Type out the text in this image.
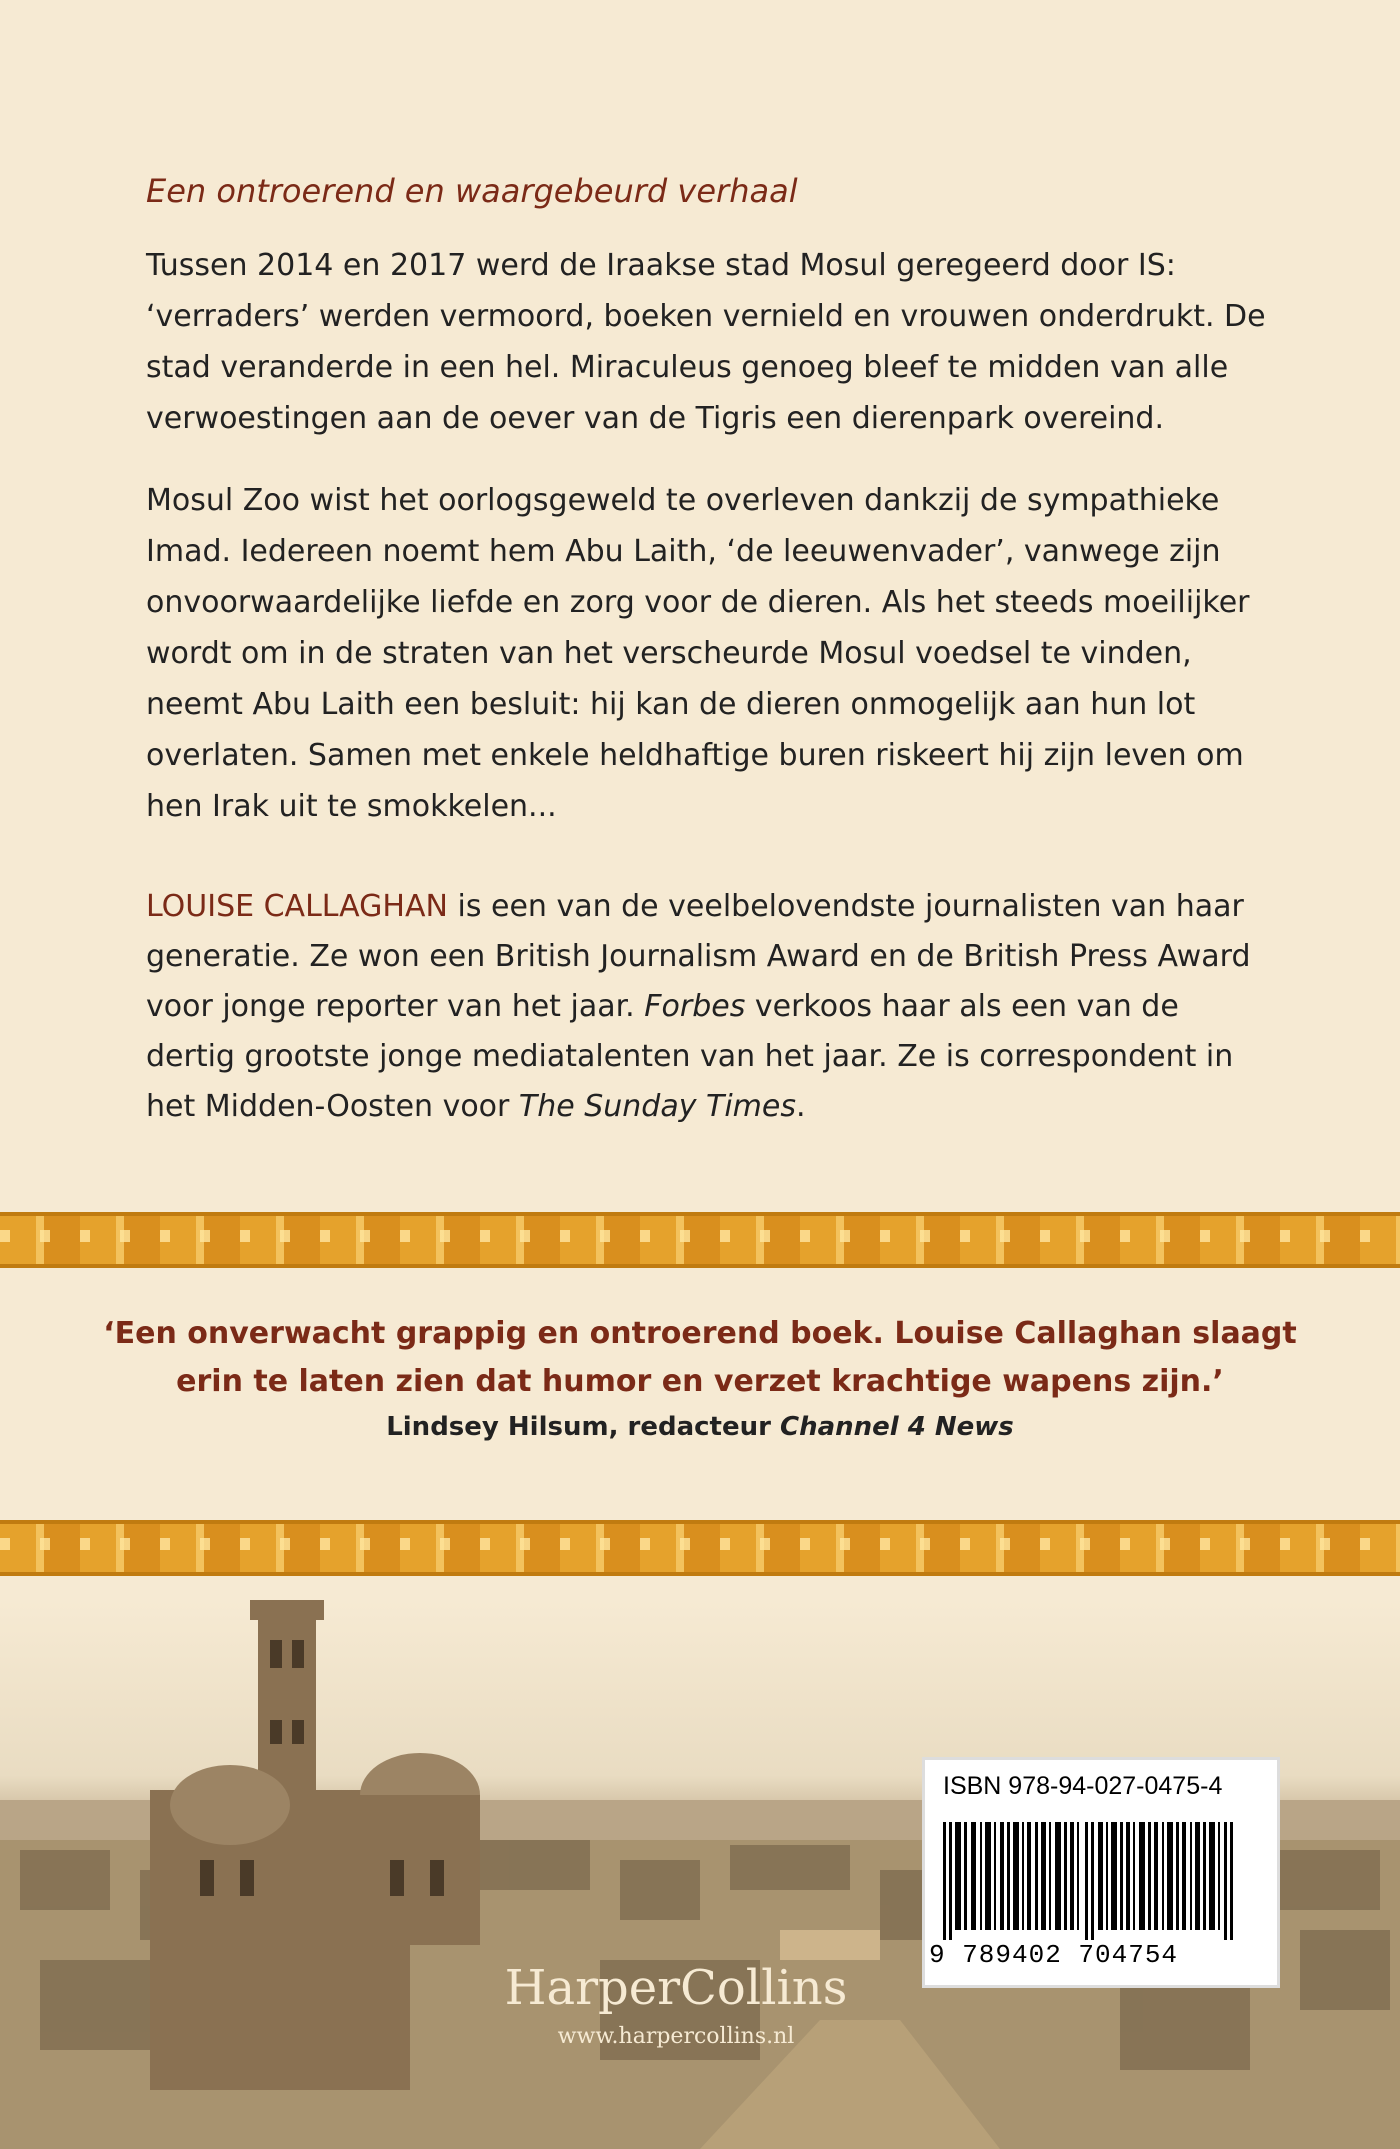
Een ontroerend en waargebeurd verhaal

Tussen 2014 en 2017 werd de Iraakse stad Mosul geregeerd door IS: ‘verraders’ werden vermoord, boeken vernield en vrouwen onderdrukt. De stad veranderde in een hel. Miraculeus genoeg bleef te midden van alle verwoestingen aan de oever van de Tigris een dierenpark overeind.

Mosul Zoo wist het oorlogsgeweld te overleven dankzij de sympathieke Imad. Iedereen noemt hem Abu Laith, ‘de leeuwenvader’, vanwege zijn onvoorwaardelijke liefde en zorg voor de dieren. Als het steeds moeilijker wordt om in de straten van het verscheurde Mosul voedsel te vinden, neemt Abu Laith een besluit: hij kan de dieren onmogelijk aan hun lot overlaten. Samen met enkele heldhaftige buren riskeert hij zijn leven om hen Irak uit te smokkelen...

LOUISE CALLAGHAN is een van de veelbelovendste journalisten van haar generatie. Ze won een British Journalism Award en de British Press Award voor jonge reporter van het jaar. Forbes verkoos haar als een van de dertig grootste jonge mediatalenten van het jaar. Ze is correspondent in het Midden-Oosten voor The Sunday Times.
‘Een onverwacht grappig en ontroerend boek. Louise Callaghan slaagt erin te laten zien dat humor en verzet krachtige wapens zijn.’
Lindsey Hilsum, redacteur Channel 4 News
HarperCollins
www.harpercollins.nl
ISBN 978-94-027-0475-4
9 789402 704754
